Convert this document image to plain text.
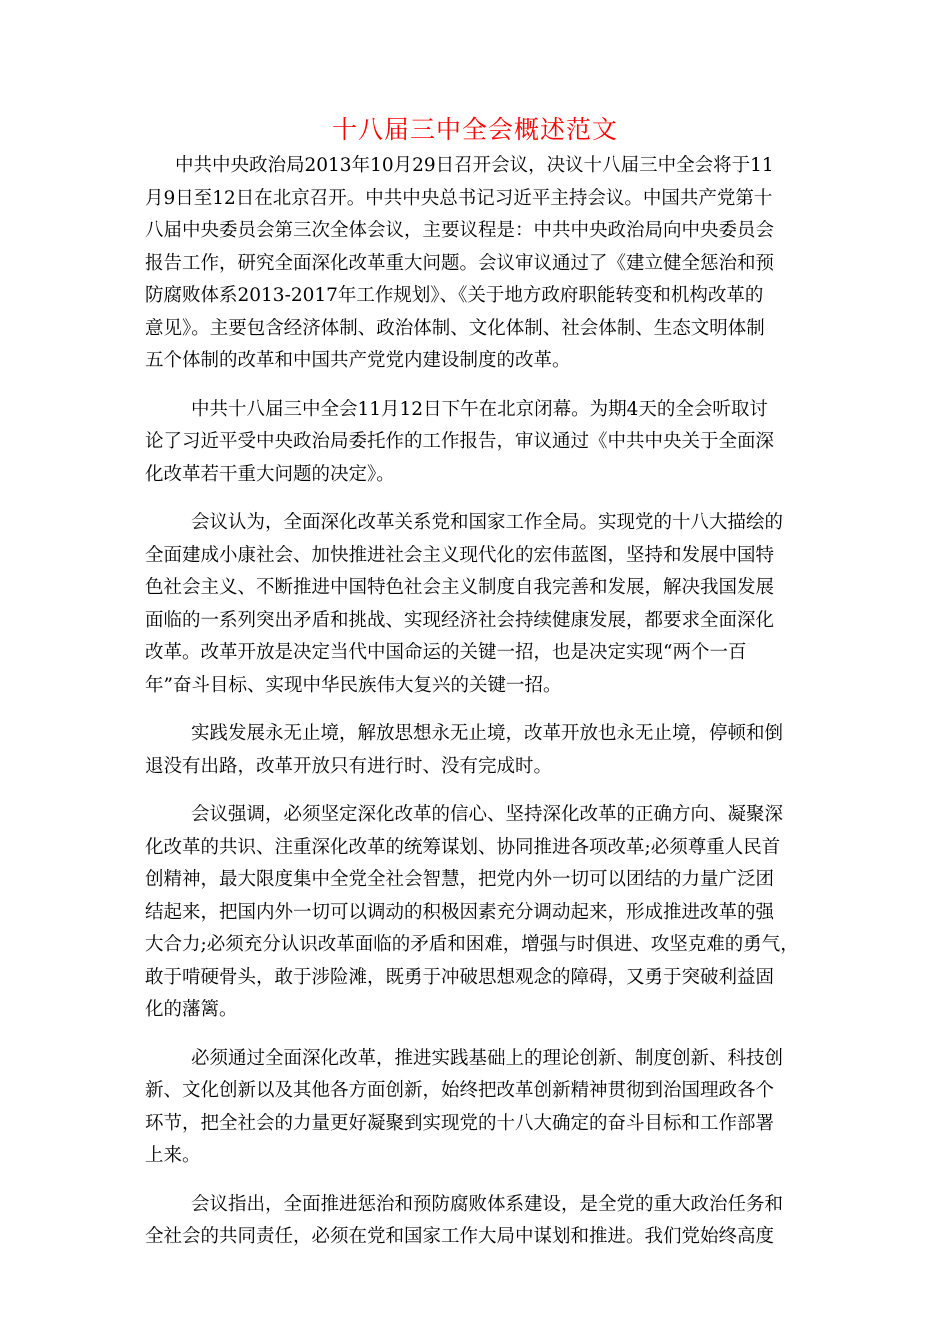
十八届三中全会概述范文
中共中央政治局2013年10月29日召开会议，决议十八届三中全会将于11
月9日至12日在北京召开。中共中央总书记习近平主持会议。中国共产党第十
八届中央委员会第三次全体会议，主要议程是：中共中央政治局向中央委员会
报告工作，研究全面深化改革重大问题。会议审议通过了《建立健全惩治和预
防腐败体系2013-2017年工作规划》、《关于地方政府职能转变和机构改革的
意见》。主要包含经济体制、政治体制、文化体制、社会体制、生态文明体制
五个体制的改革和中国共产党党内建设制度的改革。
中共十八届三中全会11月12日下午在北京闭幕。为期4天的全会听取讨
论了习近平受中央政治局委托作的工作报告，审议通过《中共中央关于全面深
化改革若干重大问题的决定》。
会议认为，全面深化改革关系党和国家工作全局。实现党的十八大描绘的
全面建成小康社会、加快推进社会主义现代化的宏伟蓝图，坚持和发展中国特
色社会主义、不断推进中国特色社会主义制度自我完善和发展，解决我国发展
面临的一系列突出矛盾和挑战、实现经济社会持续健康发展，都要求全面深化
改革。改革开放是决定当代中国命运的关键一招，也是决定实现“两个一百
年”奋斗目标、实现中华民族伟大复兴的关键一招。
实践发展永无止境，解放思想永无止境，改革开放也永无止境，停顿和倒
退没有出路，改革开放只有进行时、没有完成时。
会议强调，必须坚定深化改革的信心、坚持深化改革的正确方向、凝聚深
化改革的共识、注重深化改革的统筹谋划、协同推进各项改革;必须尊重人民首
创精神，最大限度集中全党全社会智慧，把党内外一切可以团结的力量广泛团
结起来，把国内外一切可以调动的积极因素充分调动起来，形成推进改革的强
大合力;必须充分认识改革面临的矛盾和困难，增强与时俱进、攻坚克难的勇气，
敢于啃硬骨头，敢于涉险滩，既勇于冲破思想观念的障碍，又勇于突破利益固
化的藩篱。
必须通过全面深化改革，推进实践基础上的理论创新、制度创新、科技创
新、文化创新以及其他各方面创新，始终把改革创新精神贯彻到治国理政各个
环节，把全社会的力量更好凝聚到实现党的十八大确定的奋斗目标和工作部署
上来。
会议指出，全面推进惩治和预防腐败体系建设，是全党的重大政治任务和
全社会的共同责任，必须在党和国家工作大局中谋划和推进。我们党始终高度
